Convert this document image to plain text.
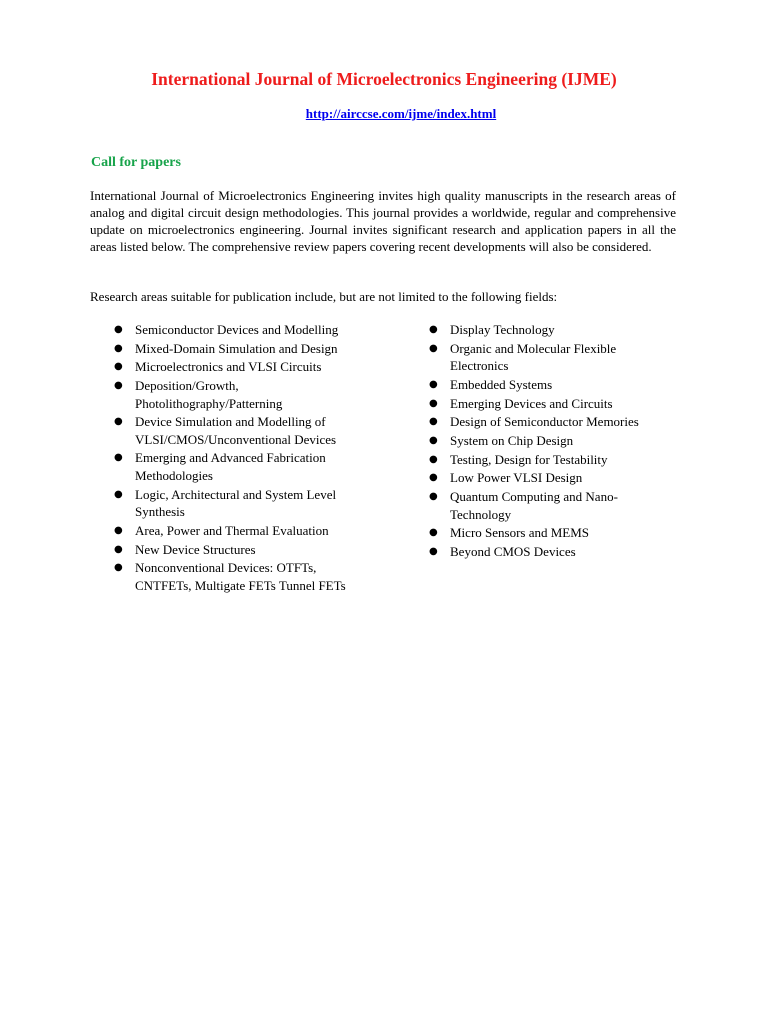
International Journal of Microelectronics Engineering (IJME)
http://airccse.com/ijme/index.html
Call for papers

International Journal of Microelectronics Engineering invites high quality manuscripts in the research areas of analog and digital circuit design methodologies. This journal provides a worldwide, regular and comprehensive update on microelectronics engineering. Journal invites significant research and application papers in all the areas listed below. The comprehensive review papers covering recent developments will also be considered.

Research areas suitable for publication include, but are not limited to the following fields:

● Semiconductor Devices and Modelling
● Mixed-Domain Simulation and Design
● Microelectronics and VLSI Circuits
● Deposition/Growth, Photolithography/Patterning
● Device Simulation and Modelling of VLSI/CMOS/Unconventional Devices
● Emerging and Advanced Fabrication Methodologies
● Logic, Architectural and System Level Synthesis
● Area, Power and Thermal Evaluation
● New Device Structures
● Nonconventional Devices: OTFTs, CNTFETs, Multigate FETs Tunnel FETs
● Display Technology
● Organic and Molecular Flexible Electronics
● Embedded Systems
● Emerging Devices and Circuits
● Design of Semiconductor Memories
● System on Chip Design
● Testing, Design for Testability
● Low Power VLSI Design
● Quantum Computing and Nano-Technology
● Micro Sensors and MEMS
● Beyond CMOS Devices
